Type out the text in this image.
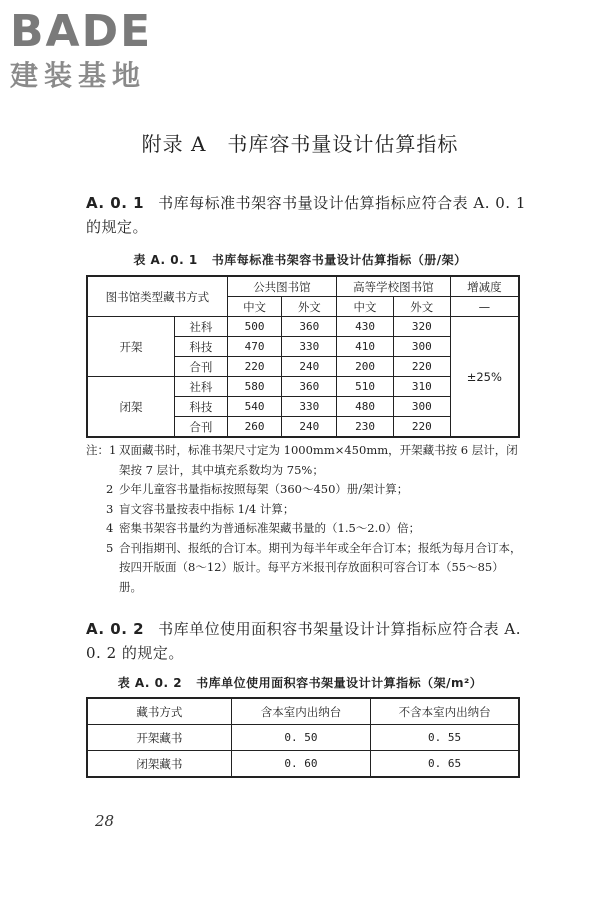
BADE
建装基地
附录 A　书库容书量设计估算指标
A. 0. 1 书库每标准书架容书量设计估算指标应符合表 A. 0. 1 的规定。
表 A. 0. 1 书库每标准书架容书量设计估算指标（册/架）
图书馆类型藏书方式		公共图书馆		高等学校图书馆		增减度
		中文	外文	中文	外文	—
开架	社科	500	360	430	320	±25%
	科技	470	330	410	300	
	合刊	220	240	200	220	
闭架	社科	580	360	510	310	
	科技	540	330	480	300	
	合刊	260	240	230	220	
注：1 双面藏书时，标准书架尺寸定为 1000mm×450mm，开架藏书按 6 层计，闭架按 7 层计，其中填充系数均为 75%；
2 少年儿童容书量指标按照每架（360～450）册/架计算；
3 盲文容书量按表中指标 1/4 计算；
4 密集书架容书量约为普通标准架藏书量的（1.5～2.0）倍；
5 合刊指期刊、报纸的合订本。期刊为每半年或全年合订本；报纸为每月合订本，按四开版面（8～12）版计。每平方米报刊存放面积可容合订本（55～85）册。
A. 0. 2 书库单位使用面积容书架量设计计算指标应符合表 A. 0. 2 的规定。
表 A. 0. 2 书库单位使用面积容书架量设计计算指标（架/m²）
藏书方式	含本室内出纳台	不含本室内出纳台
开架藏书	0. 50	0. 55
闭架藏书	0. 60	0. 65
28
